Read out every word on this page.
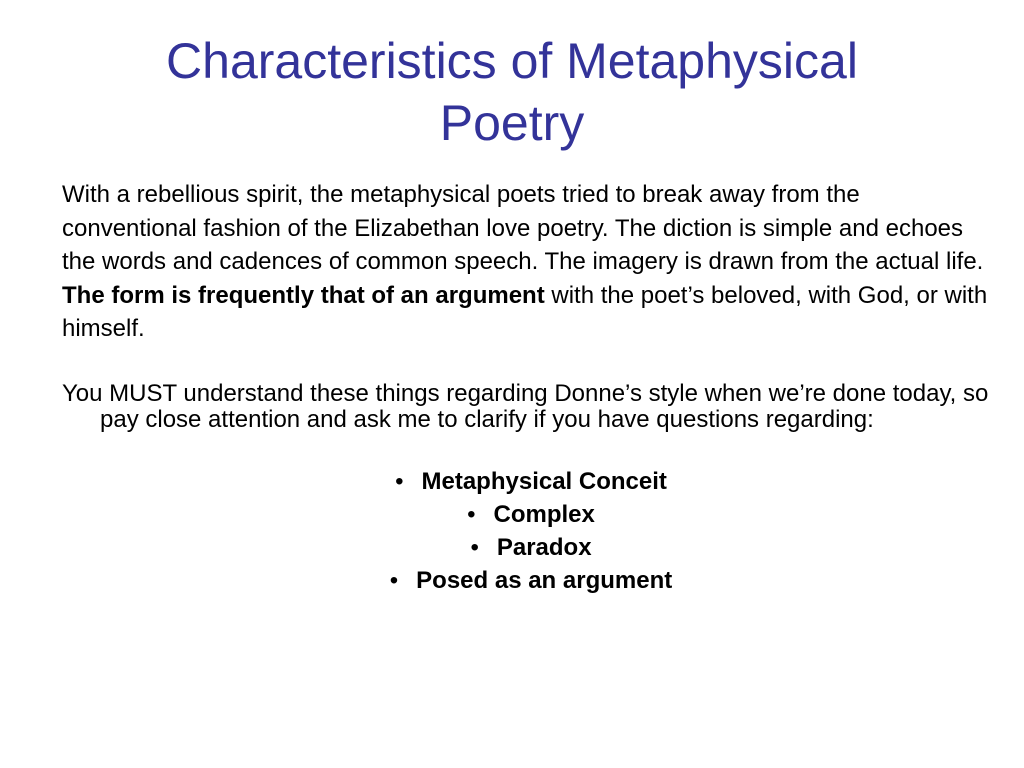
Characteristics of Metaphysical
Poetry

With a rebellious spirit, the metaphysical poets tried to break away from the conventional fashion of the Elizabethan love poetry. The diction is simple and echoes the words and cadences of common speech. The imagery is drawn from the actual life. The form is frequently that of an argument with the poet’s beloved, with God, or with himself.

You MUST understand these things regarding Donne’s style when we’re done today, so pay close attention and ask me to clarify if you have questions regarding:

• Metaphysical Conceit
• Complex
• Paradox
• Posed as an argument
